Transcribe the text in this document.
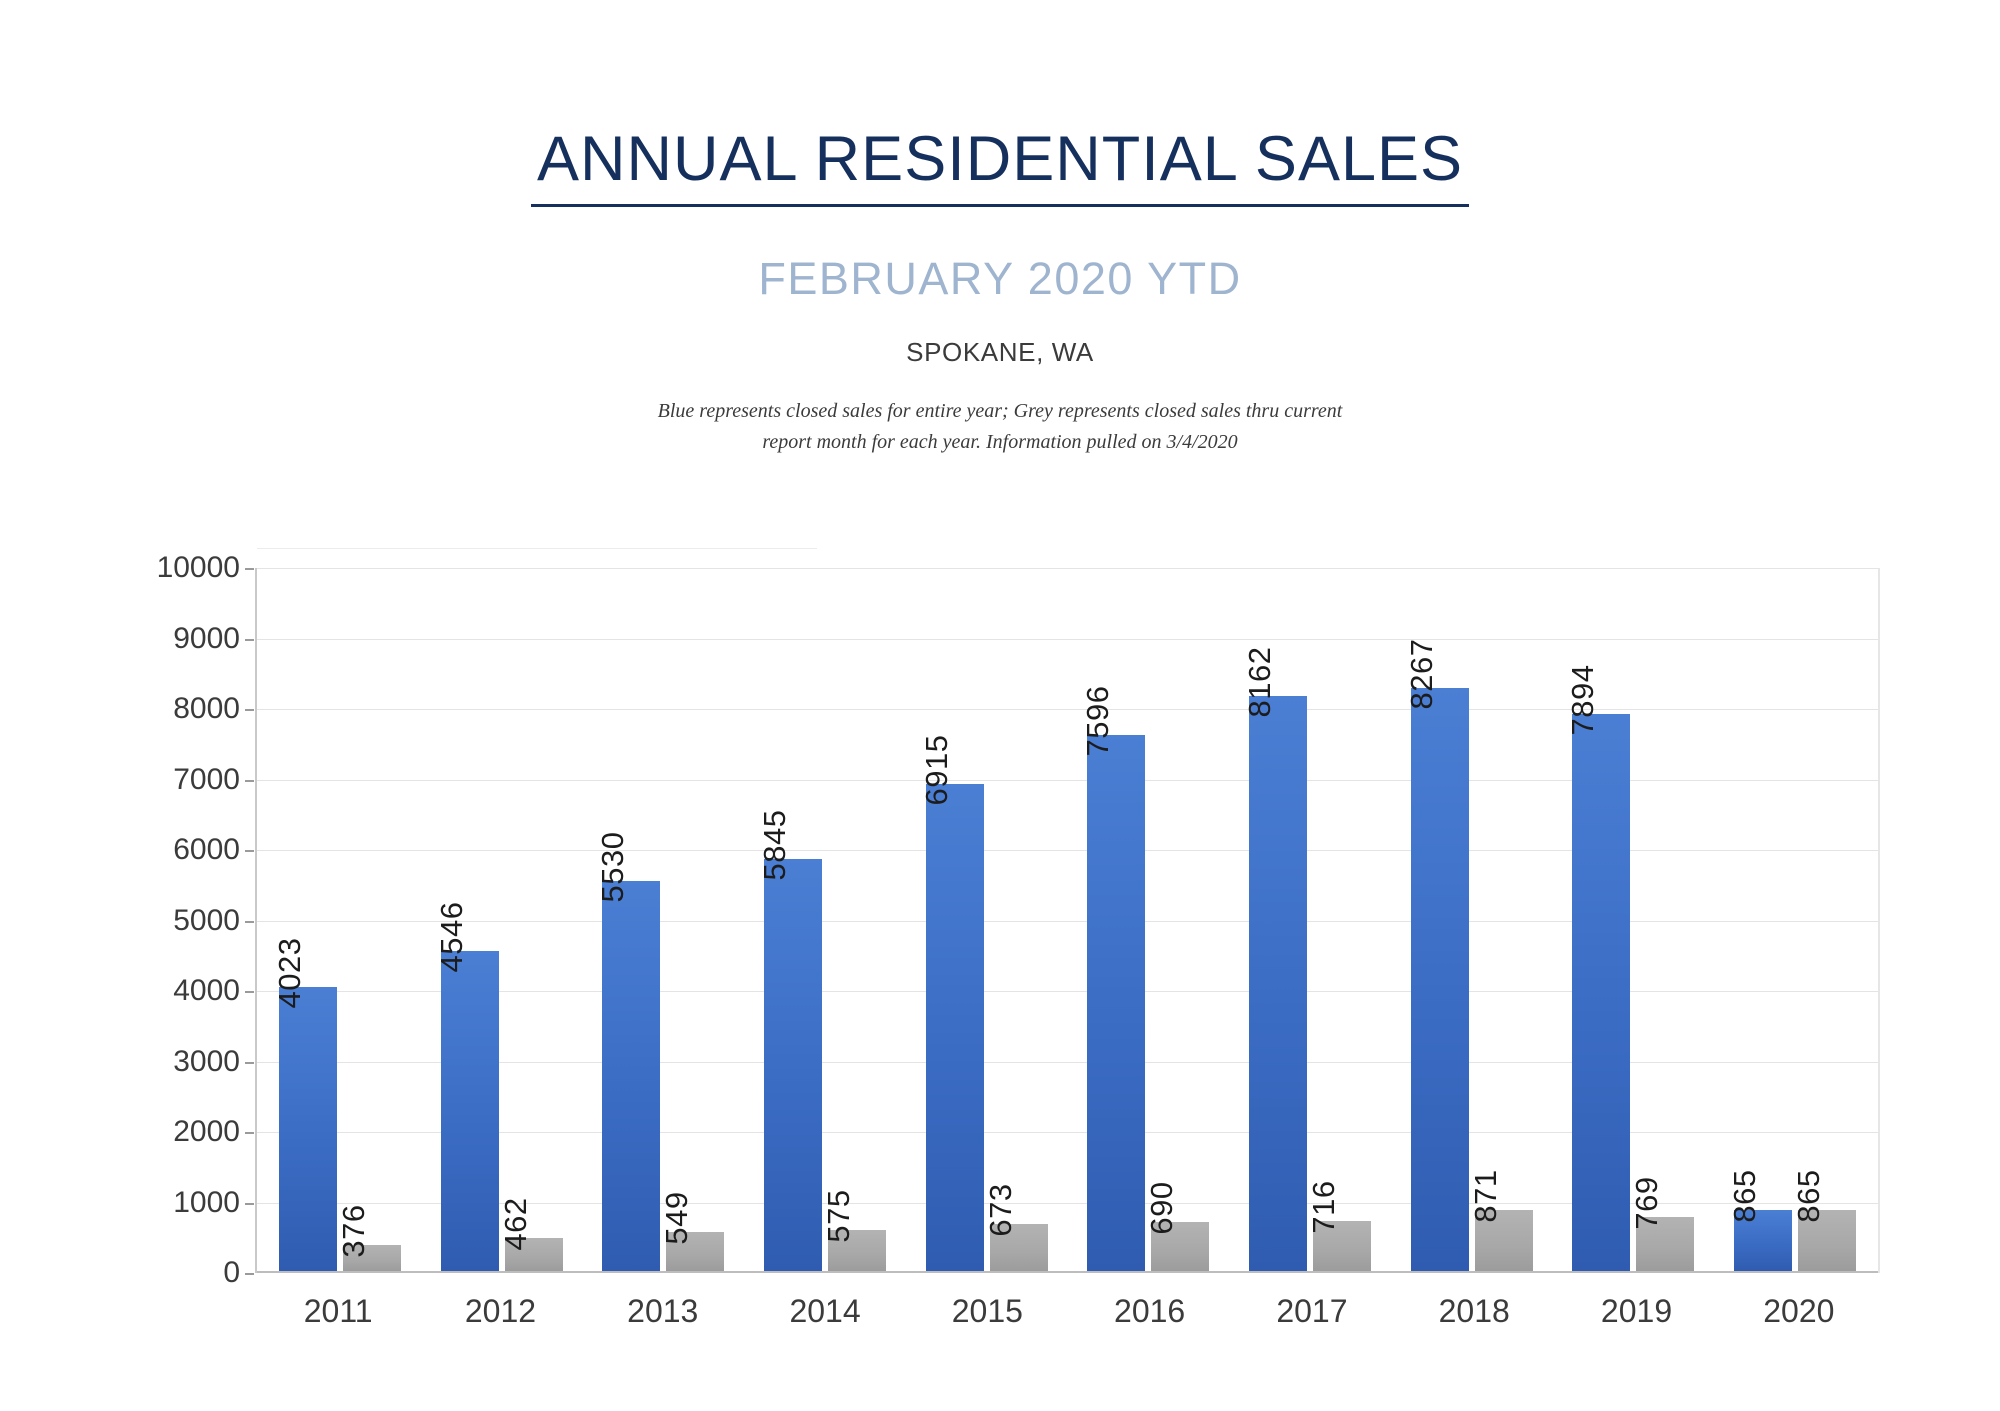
ANNUAL RESIDENTIAL SALES
FEBRUARY 2020 YTD
SPOKANE, WA
Blue represents closed sales for entire year; Grey represents closed sales thru current
report month for each year. Information pulled on 3/4/2020
0
1000
2000
3000
4000
5000
6000
7000
8000
9000
10000
4023
376
4546
462
5530
549
5845
575
6915
673
7596
690
8162
716
8267
871
7894
769 865 865
2011	2012	2013	2014	2015	2016	2017	2018	2019	2020
